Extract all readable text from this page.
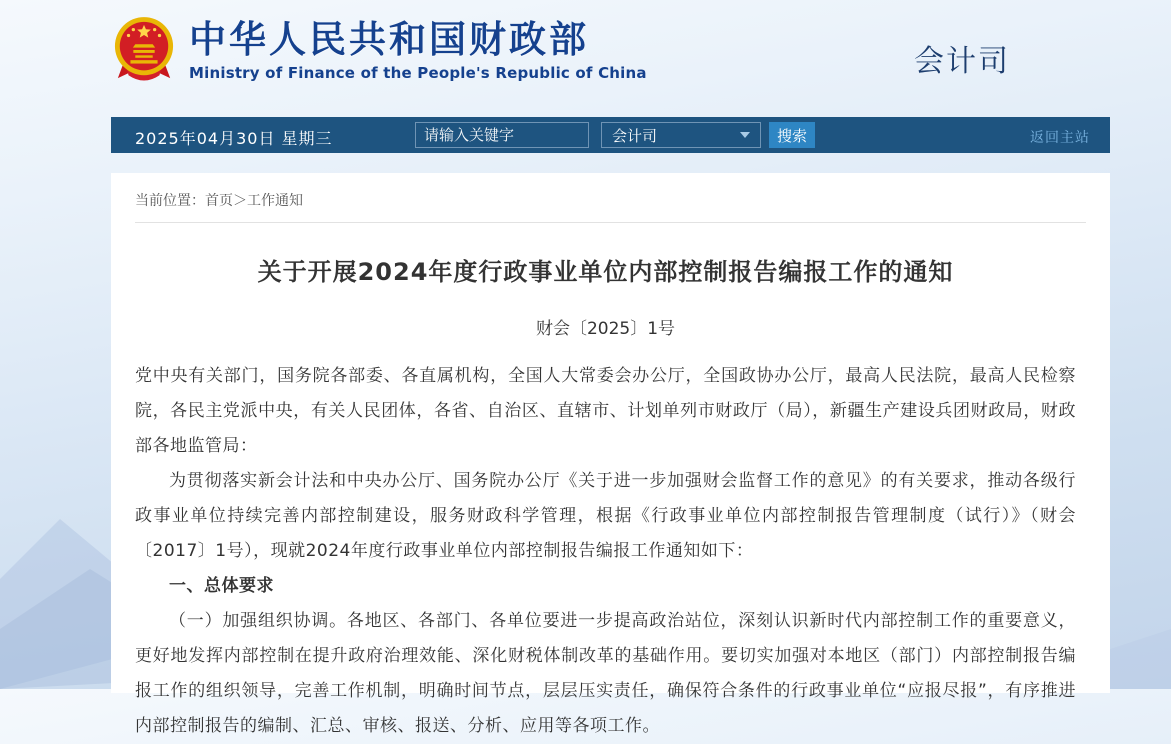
中华人民共和国财政部
Ministry of Finance of the People's Republic of China	会计司
2025年04月30日 星期三
请输入关键字	会计司	搜索	返回主站
当前位置：首页＞工作通知
关于开展2024年度行政事业单位内部控制报告编报工作的通知
财会〔2025〕1号

党中央有关部门，国务院各部委、各直属机构，全国人大常委会办公厅，全国政协办公厅，最高人民法院，最高人民检察院，各民主党派中央，有关人民团体，各省、自治区、直辖市、计划单列市财政厅（局），新疆生产建设兵团财政局，财政部各地监管局：

为贯彻落实新会计法和中央办公厅、国务院办公厅《关于进一步加强财会监督工作的意见》的有关要求，推动各级行政事业单位持续完善内部控制建设，服务财政科学管理，根据《行政事业单位内部控制报告管理制度（试行）》（财会〔2017〕1号），现就2024年度行政事业单位内部控制报告编报工作通知如下：

一、总体要求

（一）加强组织协调。各地区、各部门、各单位要进一步提高政治站位，深刻认识新时代内部控制工作的重要意义，更好地发挥内部控制在提升政府治理效能、深化财税体制改革的基础作用。要切实加强对本地区（部门）内部控制报告编报工作的组织领导，完善工作机制，明确时间节点，层层压实责任，确保符合条件的行政事业单位“应报尽报”，有序推进内部控制报告的编制、汇总、审核、报送、分析、应用等各项工作。
